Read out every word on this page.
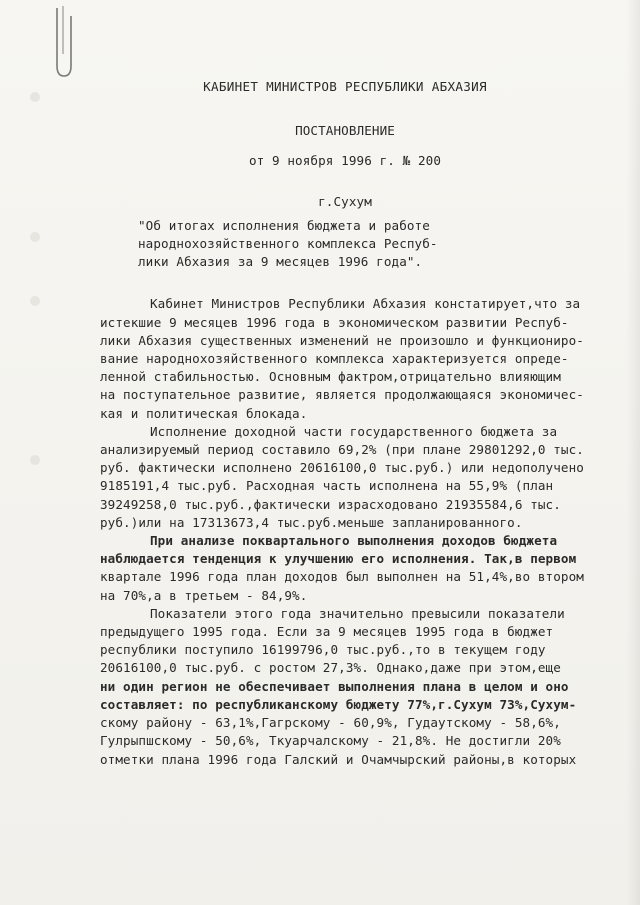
КАБИНЕТ МИНИСТРОВ РЕСПУБЛИКИ АБХАЗИЯ
ПОСТАНОВЛЕНИЕ
от 9 ноября 1996 г. № 200
г.Сухум
"Об итогах исполнения бюджета и работе
народнохозяйственного комплекса Респуб-
лики Абхазия за 9 месяцев 1996 года".
Кабинет Министров Республики Абхазия констатирует,что за
истекшие 9 месяцев 1996 года в экономическом развитии Респуб-
лики Абхазия существенных изменений не произошло и функциониро-
вание народнохозяйственного комплекса характеризуется опреде-
ленной стабильностью. Основным фактром,отрицательно влияющим
на поступательное развитие, является продолжающаяся экономичес-
кая и политическая блокада.
Исполнение доходной части государственного бюджета за
анализируемый период составило 69,2% (при плане 29801292,0 тыс.
руб. фактически исполнено 20616100,0 тыс.руб.) или недополучено
9185191,4 тыс.руб. Расходная часть исполнена на 55,9% (план
39249258,0 тыс.руб.,фактически израсходовано 21935584,6 тыс.
руб.)или на 17313673,4 тыс.руб.меньше запланированного.
При анализе поквартального выполнения доходов бюджета
наблюдается тенденция к улучшению его исполнения. Так,в первом
квартале 1996 года план доходов был выполнен на 51,4%,во втором
на 70%,а в третьем - 84,9%.
Показатели этого года значительно превысили показатели
предыдущего 1995 года. Если за 9 месяцев 1995 года в бюджет
республики поступило 16199796,0 тыс.руб.,то в текущем году
20616100,0 тыс.руб. с ростом 27,3%. Однако,даже при этом,еще
ни один регион не обеспечивает выполнения плана в целом и оно
составляет: по республиканскому бюджету 77%,г.Сухум 73%,Сухум-
скому району - 63,1%,Гагрскому - 60,9%, Гудаутскому - 58,6%,
Гулрыпшскому - 50,6%, Ткуарчалскому - 21,8%. Не достигли 20%
отметки плана 1996 года Галский и Очамчырский районы,в которых
